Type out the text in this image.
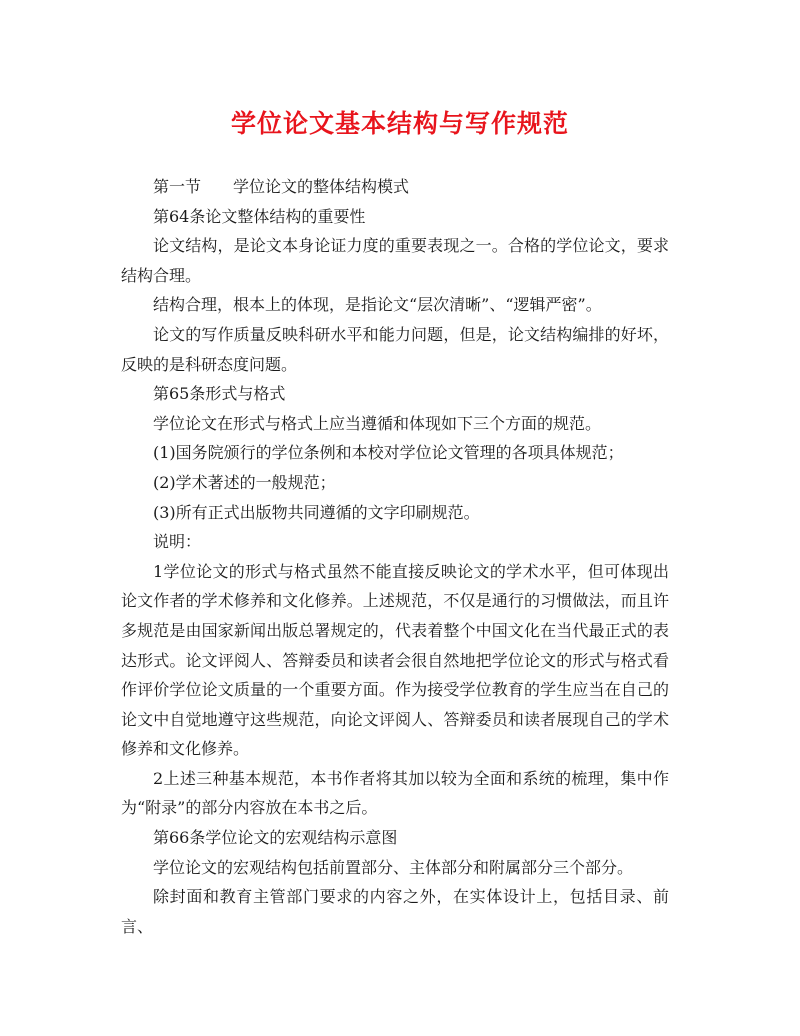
学位论文基本结构与写作规范

第一节 学位论文的整体结构模式

第64条论文整体结构的重要性

论文结构，是论文本身论证力度的重要表现之一。合格的学位论文，要求结构合理。

结构合理，根本上的体现，是指论文“层次清晰”、“逻辑严密”。

论文的写作质量反映科研水平和能力问题，但是，论文结构编排的好坏，反映的是科研态度问题。

第65条形式与格式

学位论文在形式与格式上应当遵循和体现如下三个方面的规范。

(1)国务院颁行的学位条例和本校对学位论文管理的各项具体规范；

(2)学术著述的一般规范；

(3)所有正式出版物共同遵循的文字印刷规范。

说明：

1学位论文的形式与格式虽然不能直接反映论文的学术水平，但可体现出论文作者的学术修养和文化修养。上述规范，不仅是通行的习惯做法，而且许多规范是由国家新闻出版总署规定的，代表着整个中国文化在当代最正式的表达形式。论文评阅人、答辩委员和读者会很自然地把学位论文的形式与格式看作评价学位论文质量的一个重要方面。作为接受学位教育的学生应当在自己的论文中自觉地遵守这些规范，向论文评阅人、答辩委员和读者展现自己的学术修养和文化修养。

2上述三种基本规范，本书作者将其加以较为全面和系统的梳理，集中作为“附录”的部分内容放在本书之后。

第66条学位论文的宏观结构示意图

学位论文的宏观结构包括前置部分、主体部分和附属部分三个部分。

除封面和教育主管部门要求的内容之外，在实体设计上，包括目录、前言、
